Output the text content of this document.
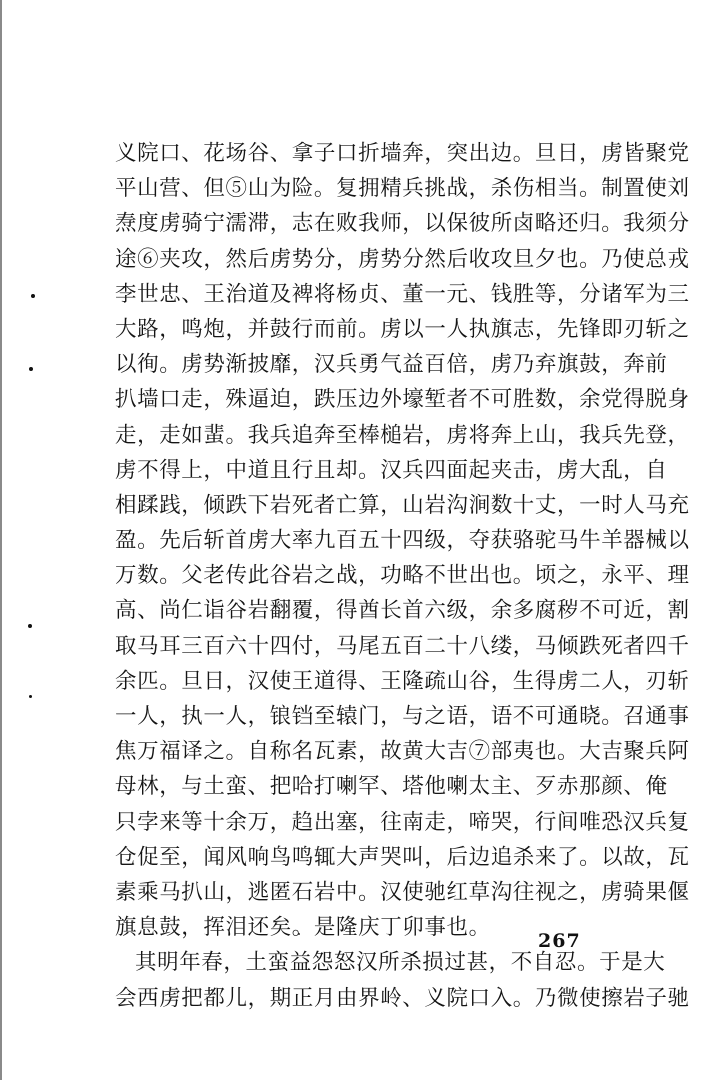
义院口、花场谷、拿子口折墙奔，突出边。旦日，虏皆聚党
平山营、但⑤山为险。复拥精兵挑战，杀伤相当。制置使刘
焘度虏骑宁濡滞，志在败我师，以保彼所卤略还归。我须分
途⑥夹攻，然后虏势分，虏势分然后收攻旦夕也。乃使总戎
李世忠、王治道及裨将杨贞、董一元、钱胜等，分诸军为三
大路，鸣炮，并鼓行而前。虏以一人执旗志，先锋即刃斩之
以徇。虏势渐披靡，汉兵勇气益百倍，虏乃弃旗鼓，奔前
扒墙口走，殊逼迫，跌压边外壕堑者不可胜数，余党得脱身
走，走如蜚。我兵追奔至棒槌岩，虏将奔上山，我兵先登，
虏不得上，中道且行且却。汉兵四面起夹击，虏大乱，自
相蹂践，倾跌下岩死者亡算，山岩沟涧数十丈，一时人马充
盈。先后斩首虏大率九百五十四级，夺获骆驼马牛羊器械以
万数。父老传此谷岩之战，功略不世出也。顷之，永平、理
高、尚仁诣谷岩翻覆，得酋长首六级，余多腐秽不可近，割
取马耳三百六十四付，马尾五百二十八缕，马倾跌死者四千
余匹。旦日，汉使王道得、王隆疏山谷，生得虏二人，刃斩
一人，执一人，锒铛至辕门，与之语，语不可通晓。召通事
焦万福译之。自称名瓦素，故黄大吉⑦部夷也。大吉聚兵阿
母林，与土蛮、把哈打喇罕、塔他喇太主、歹赤那颜、俺
只孛来等十余万，趋出塞，往南走，啼哭，行间唯恐汉兵复
仓促至，闻风响鸟鸣辄大声哭叫，后边追杀来了。以故，瓦
素乘马扒山，逃匿石岩中。汉使驰红草沟往视之，虏骑果偃
旗息鼓，挥泪还矣。是隆庆丁卯事也。
其明年春，土蛮益怨怒汉所杀损过甚，不自忍。于是大
会西虏把都儿，期正月由界岭、义院口入。乃微使擦岩子驰
267
